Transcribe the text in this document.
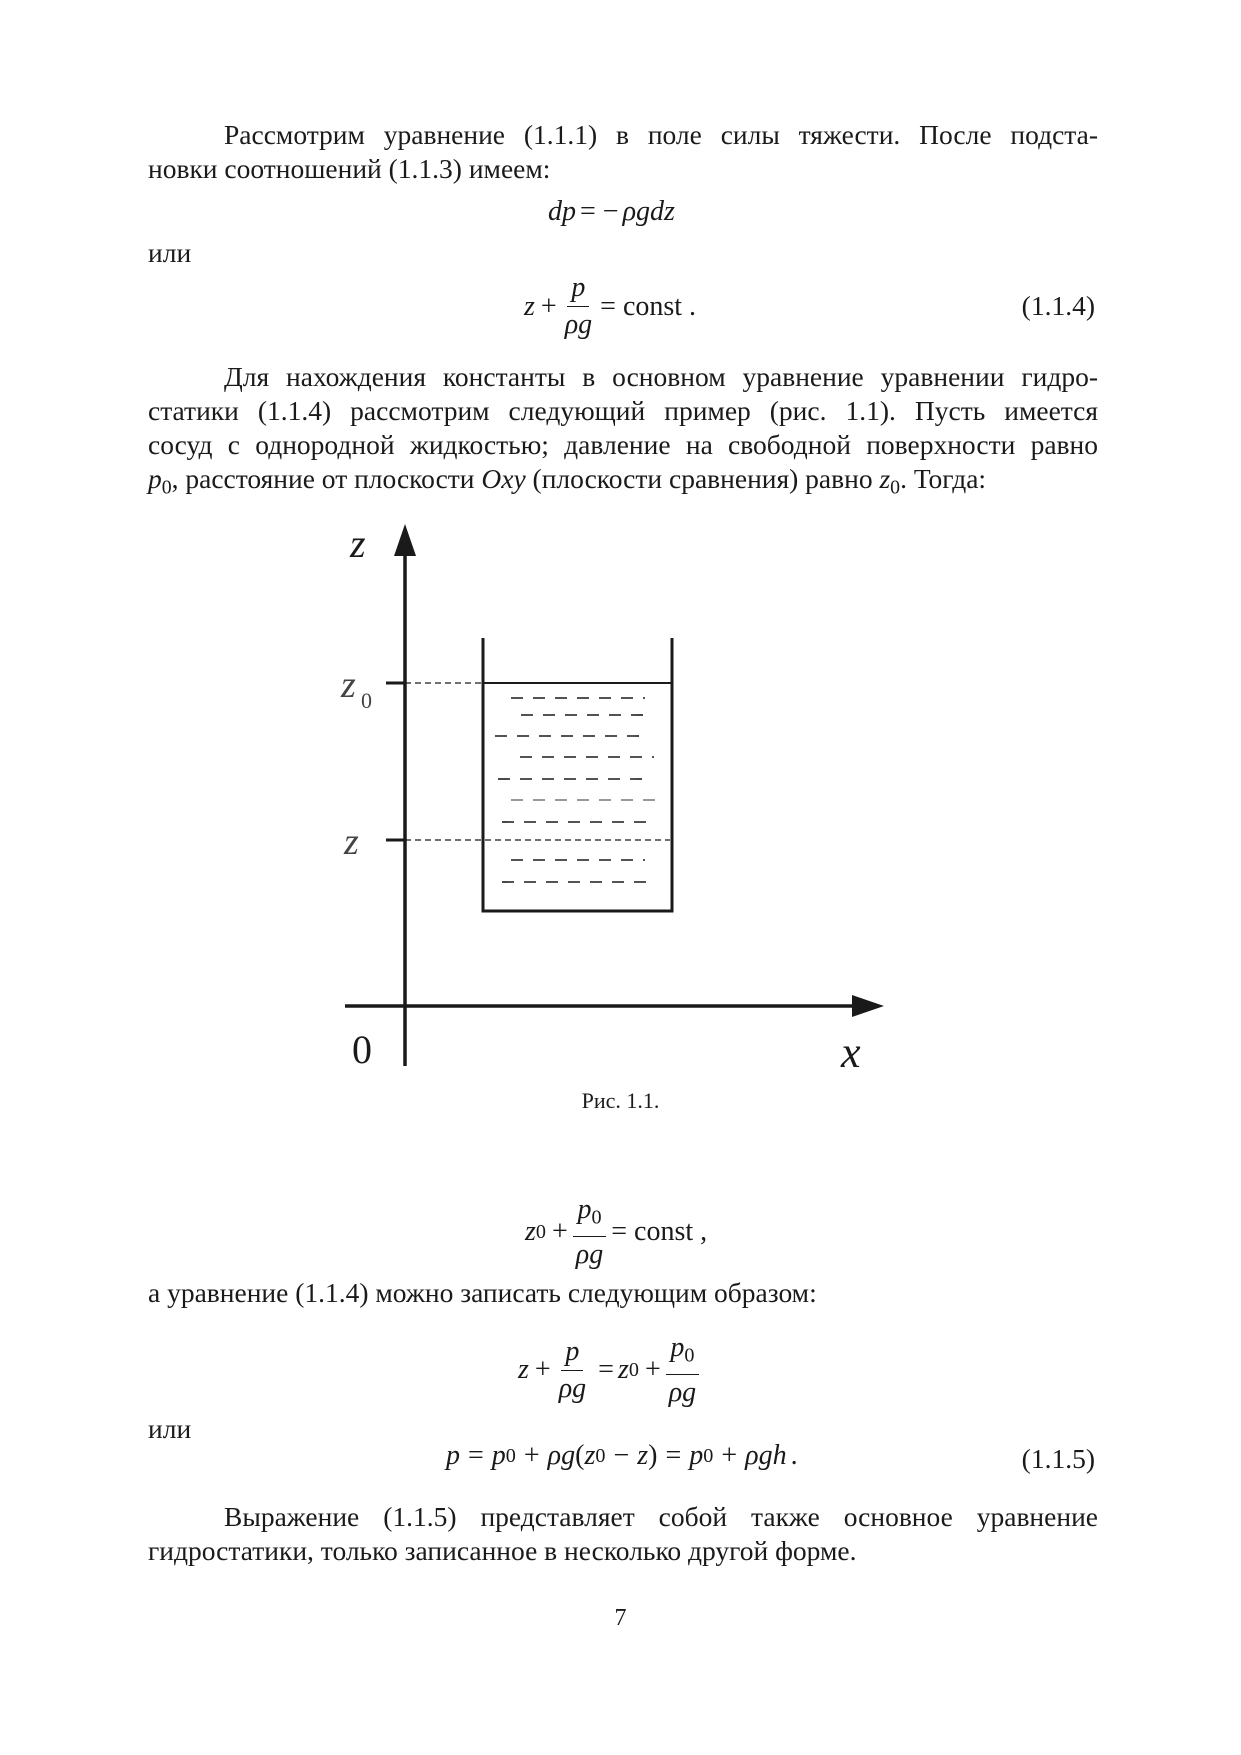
Рассмотрим уравнение (1.1.1) в поле силы тяжести. После подста-
новки соотношений (1.1.3) имеем:
dp = − ρgdz
или
$z + \frac{p}{\rho g}$ = const .	(1.1.4)
Для нахождения константы в основном уравнение уравнении гидро-
статики (1.1.4) рассмотрим следующий пример (рис. 1.1). Пусть имеется
сосуд с однородной жидкостью; давление на свободной поверхности равно
$p_0$, расстояние от плоскости Oxy (плоскости сравнения) равно $z_0$. Тогда:
z
x
0
z 0
z
Рис. 1.1.
z $0 + \frac{p_0}{\rho g}$ = const ,
а уравнение (1.1.4) можно записать следующим образом:
$z + \frac{p}{\rho g} = z$ $0 + \frac{p_0}{\rho g}$
или
p = p 0 + ρg ( z 0 − z ) = p 0 + ρgh .	(1.1.5)
Выражение (1.1.5) представляет собой также основное уравнение
гидростатики, только записанное в несколько другой форме.
7
